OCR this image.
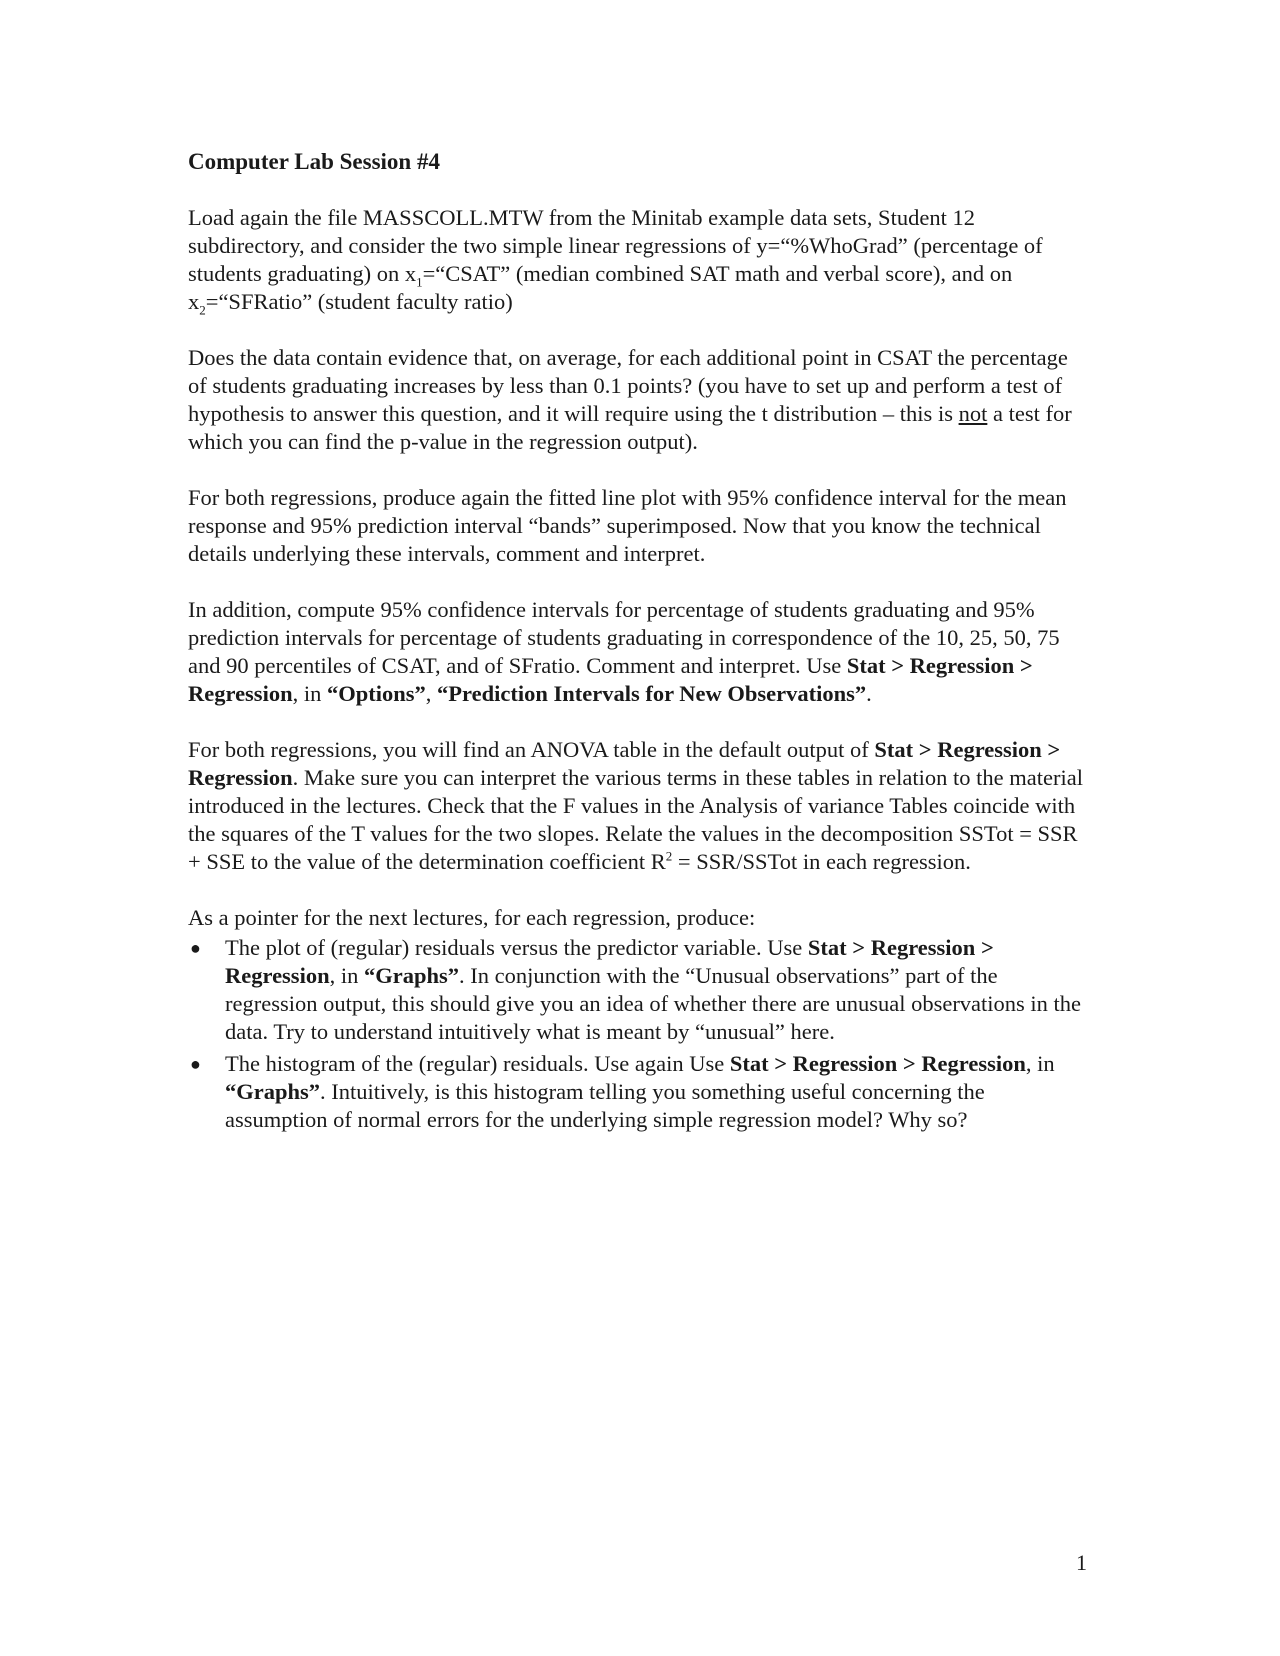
Computer Lab Session #4

Load again the file MASSCOLL.MTW from the Minitab example data sets, Student 12 subdirectory, and consider the two simple linear regressions of y=“%WhoGrad” (percentage of students graduating) on $x_1=“CSAT$” (median combined SAT math and verbal score), and on $x_2=“SFRatio$” (student faculty ratio)

Does the data contain evidence that, on average, for each additional point in CSAT the percentage of students graduating increases by less than 0.1 points? (you have to set up and perform a test of hypothesis to answer this question, and it will require using the t distribution – this is not a test for which you can find the p-value in the regression output).

For both regressions, produce again the fitted line plot with 95% confidence interval for the mean response and 95% prediction interval “bands” superimposed. Now that you know the technical details underlying these intervals, comment and interpret.

In addition, compute 95% confidence intervals for percentage of students graduating and 95% prediction intervals for percentage of students graduating in correspondence of the 10, 25, 50, 75 and 90 percentiles of CSAT, and of SFratio. Comment and interpret. Use Stat > Regression > Regression, in “Options”, “Prediction Intervals for New Observations”.

For both regressions, you will find an ANOVA table in the default output of Stat > Regression > Regression. Make sure you can interpret the various terms in these tables in relation to the material introduced in the lectures. Check that the F values in the Analysis of variance Tables coincide with the squares of the T values for the two slopes. Relate the values in the decomposition SSTot = SSR + SSE to the value of the determination coefficient $R^2$ = SSR/SSTot in each regression.

As a pointer for the next lectures, for each regression, produce:

● The plot of (regular) residuals versus the predictor variable. Use Stat > Regression > Regression, in “Graphs”. In conjunction with the “Unusual observations” part of the regression output, this should give you an idea of whether there are unusual observations in the data. Try to understand intuitively what is meant by “unusual” here.
● The histogram of the (regular) residuals. Use again Use Stat > Regression > Regression, in “Graphs”. Intuitively, is this histogram telling you something useful concerning the assumption of normal errors for the underlying simple regression model? Why so?
1
